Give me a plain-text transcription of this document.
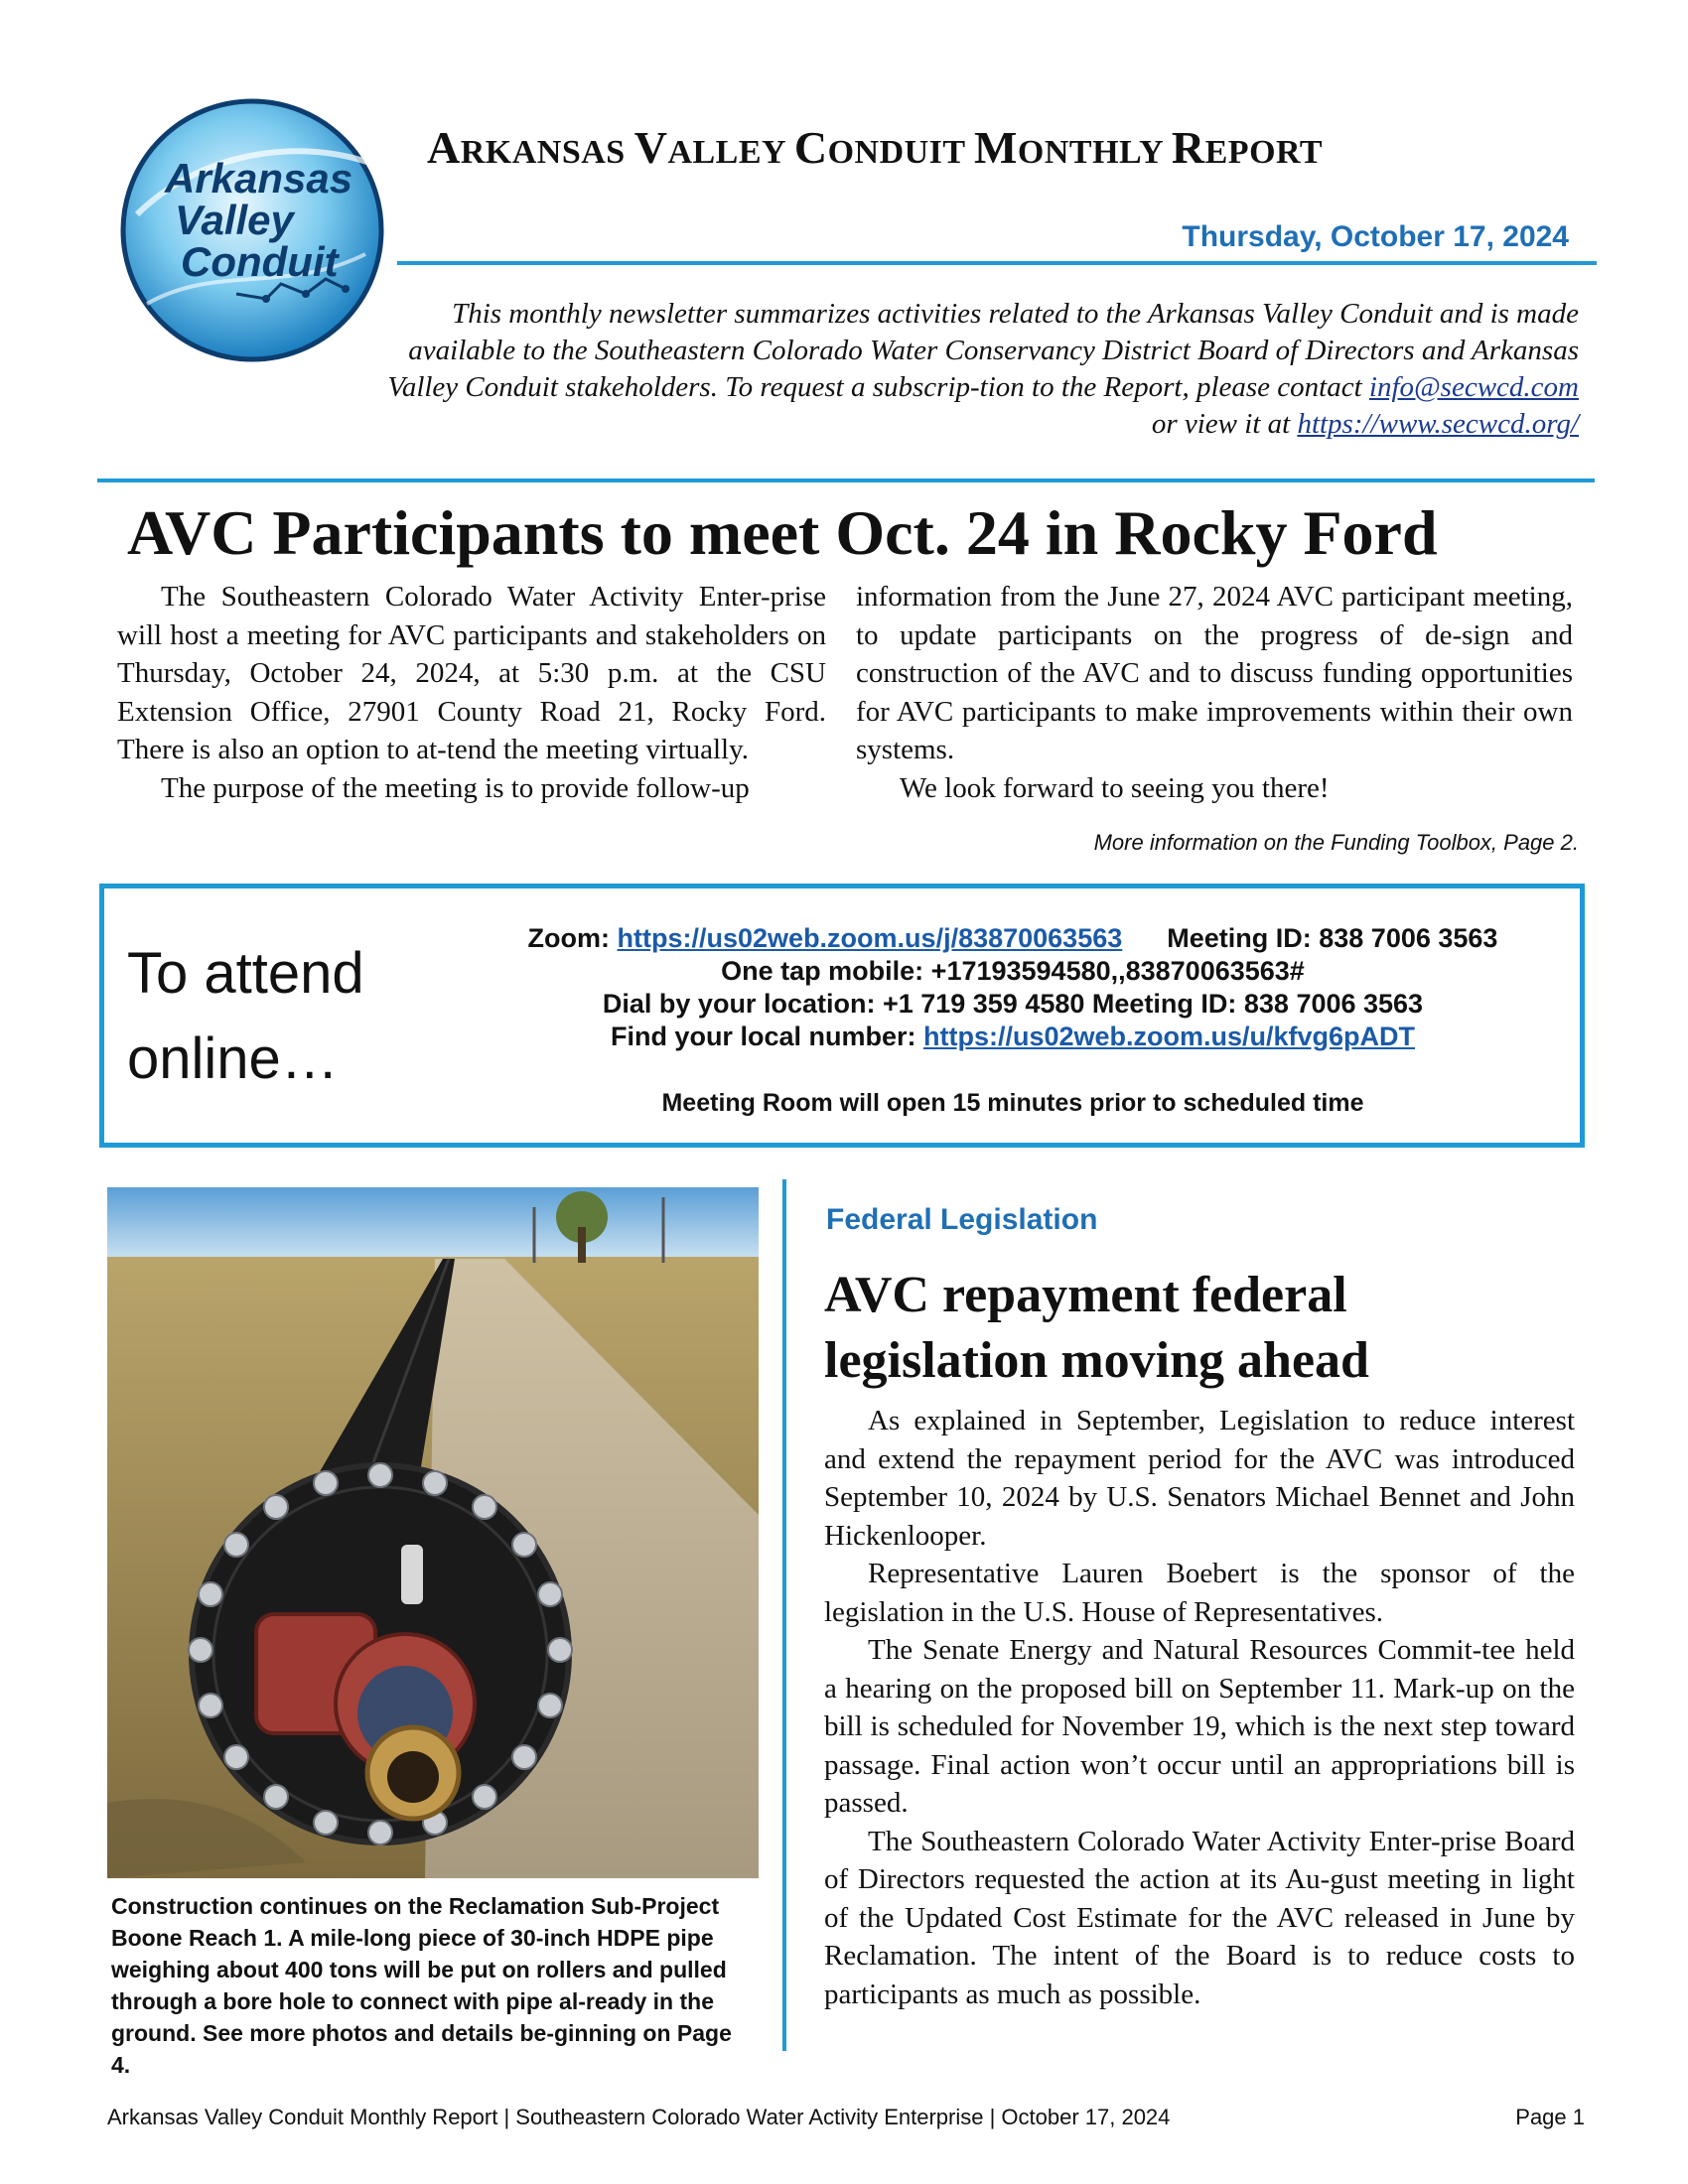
Arkansas
Valley
Conduit
ARKANSAS VALLEY CONDUIT MONTHLY REPORT
Thursday, October 17, 2024
This monthly newsletter summarizes activities related to the Arkansas Valley Conduit and is made available to the Southeastern Colorado Water Conservancy District Board of Directors and Arkansas Valley Conduit stakeholders. To request a subscrip-tion to the Report, please contact info@secwcd.com or view it at https://www.secwcd.org/
AVC Participants to meet Oct. 24 in Rocky Ford

The Southeastern Colorado Water Activity Enter-prise will host a meeting for AVC participants and stakeholders on Thursday, October 24, 2024, at 5:30 p.m. at the CSU Extension Office, 27901 County Road 21, Rocky Ford. There is also an option to at-tend the meeting virtually.

The purpose of the meeting is to provide follow-up

information from the June 27, 2024 AVC participant meeting, to update participants on the progress of de-sign and construction of the AVC and to discuss funding opportunities for AVC participants to make improvements within their own systems.

We look forward to seeing you there!

More information on the Funding Toolbox, Page 2.
To attend
online…
Zoom: https://us02web.zoom.us/j/83870063563 Meeting ID: 838 7006 3563
One tap mobile: +17193594580,,83870063563#
Dial by your location: +1 719 359 4580 Meeting ID: 838 7006 3563
Find your local number: https://us02web.zoom.us/u/kfvg6pADT
Meeting Room will open 15 minutes prior to scheduled time
Construction continues on the Reclamation Sub-Project Boone Reach 1. A mile-long piece of 30-inch HDPE pipe weighing about 400 tons will be put on rollers and pulled through a bore hole to connect with pipe al-ready in the ground. See more photos and details be-ginning on Page 4.
Federal Legislation
AVC repayment federal legislation moving ahead

As explained in September, Legislation to reduce interest and extend the repayment period for the AVC was introduced September 10, 2024 by U.S. Senators Michael Bennet and John Hickenlooper.

Representative Lauren Boebert is the sponsor of the legislation in the U.S. House of Representatives.

The Senate Energy and Natural Resources Commit-tee held a hearing on the proposed bill on September 11. Mark-up on the bill is scheduled for November 19, which is the next step toward passage. Final action won’t occur until an appropriations bill is passed.

The Southeastern Colorado Water Activity Enter-prise Board of Directors requested the action at its Au-gust meeting in light of the Updated Cost Estimate for the AVC released in June by Reclamation. The intent of the Board is to reduce costs to participants as much as possible.

Arkansas Valley Conduit Monthly Report | Southeastern Colorado Water Activity Enterprise | October 17, 2024	Page 1
